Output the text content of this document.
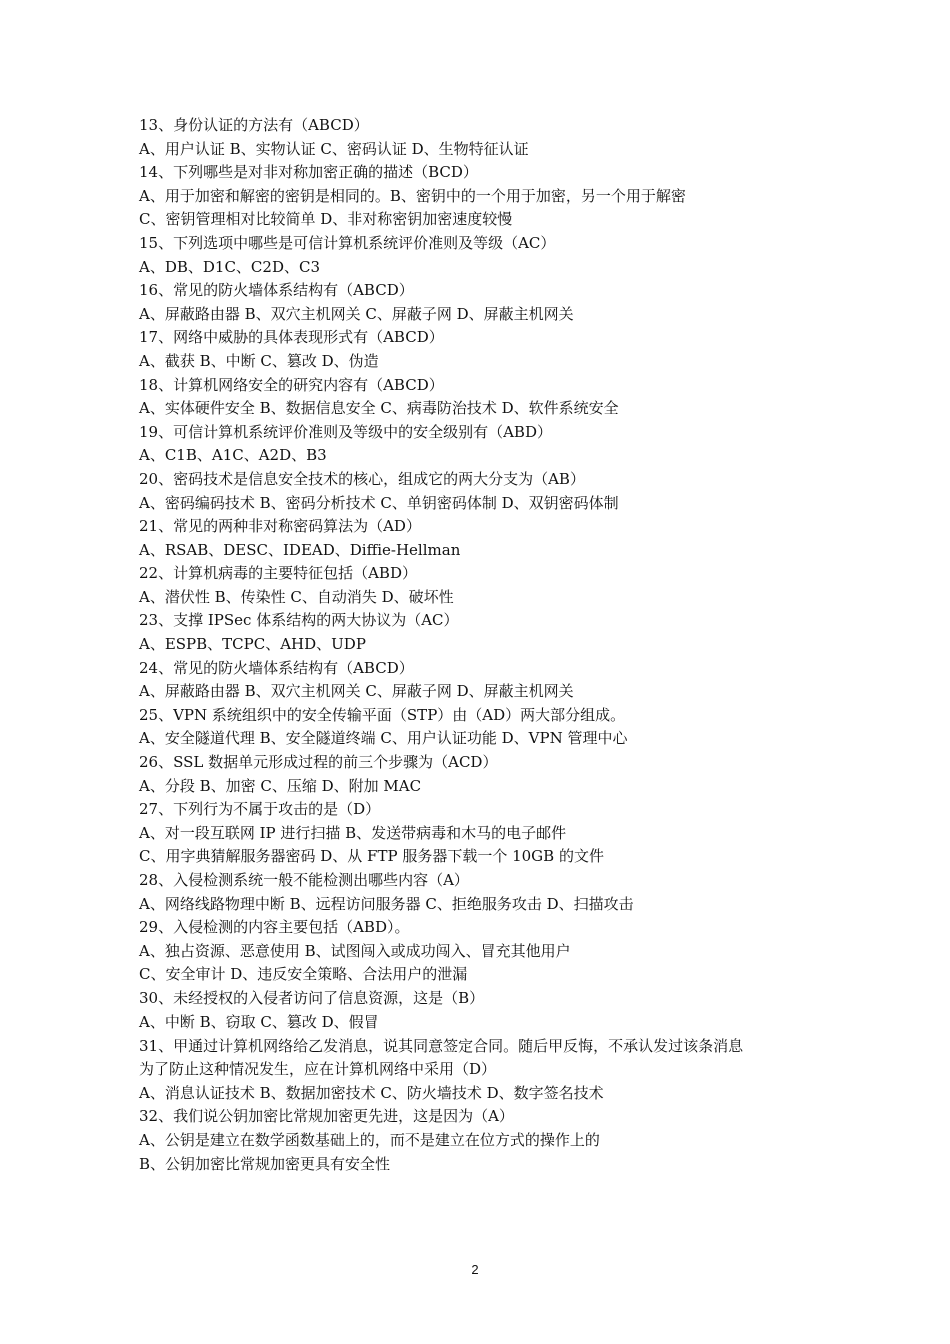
13、身份认证的方法有（ABCD）
A、用户认证 B、实物认证 C、密码认证 D、生物特征认证
14、下列哪些是对非对称加密正确的描述（BCD）
A、用于加密和解密的密钥是相同的。B、密钥中的一个用于加密，另一个用于解密
C、密钥管理相对比较简单 D、非对称密钥加密速度较慢
15、下列选项中哪些是可信计算机系统评价准则及等级（AC）
A、DB、D1C、C2D、C3
16、常见的防火墙体系结构有（ABCD）
A、屏蔽路由器 B、双穴主机网关 C、屏蔽子网 D、屏蔽主机网关
17、网络中威胁的具体表现形式有（ABCD）
A、截获 B、中断 C、篡改 D、伪造
18、计算机网络安全的研究内容有（ABCD）
A、实体硬件安全 B、数据信息安全 C、病毒防治技术 D、软件系统安全
19、可信计算机系统评价准则及等级中的安全级别有（ABD）
A、C1B、A1C、A2D、B3
20、密码技术是信息安全技术的核心，组成它的两大分支为（AB）
A、密码编码技术 B、密码分析技术 C、单钥密码体制 D、双钥密码体制
21、常见的两种非对称密码算法为（AD）
A、RSAB、DESC、IDEAD、Diffie-Hellman
22、计算机病毒的主要特征包括（ABD）
A、潜伏性 B、传染性 C、自动消失 D、破坏性
23、支撑 IPSec 体系结构的两大协议为（AC）
A、ESPB、TCPC、AHD、UDP
24、常见的防火墙体系结构有（ABCD）
A、屏蔽路由器 B、双穴主机网关 C、屏蔽子网 D、屏蔽主机网关
25、VPN 系统组织中的安全传输平面（STP）由（AD）两大部分组成。
A、安全隧道代理 B、安全隧道终端 C、用户认证功能 D、VPN 管理中心
26、SSL 数据单元形成过程的前三个步骤为（ACD）
A、分段 B、加密 C、压缩 D、附加 MAC
27、下列行为不属于攻击的是（D）
A、对一段互联网 IP 进行扫描 B、发送带病毒和木马的电子邮件
C、用字典猜解服务器密码 D、从 FTP 服务器下载一个 10GB 的文件
28、入侵检测系统一般不能检测出哪些内容（A）
A、网络线路物理中断 B、远程访问服务器 C、拒绝服务攻击 D、扫描攻击
29、入侵检测的内容主要包括（ABD）。
A、独占资源、恶意使用 B、试图闯入或成功闯入、冒充其他用户
C、安全审计 D、违反安全策略、合法用户的泄漏
30、未经授权的入侵者访问了信息资源，这是（B）
A、中断 B、窃取 C、篡改 D、假冒
31、甲通过计算机网络给乙发消息，说其同意签定合同。随后甲反悔，不承认发过该条消息
为了防止这种情况发生，应在计算机网络中采用（D）
A、消息认证技术 B、数据加密技术 C、防火墙技术 D、数字签名技术
32、我们说公钥加密比常规加密更先进，这是因为（A）
A、公钥是建立在数学函数基础上的，而不是建立在位方式的操作上的
B、公钥加密比常规加密更具有安全性
2
